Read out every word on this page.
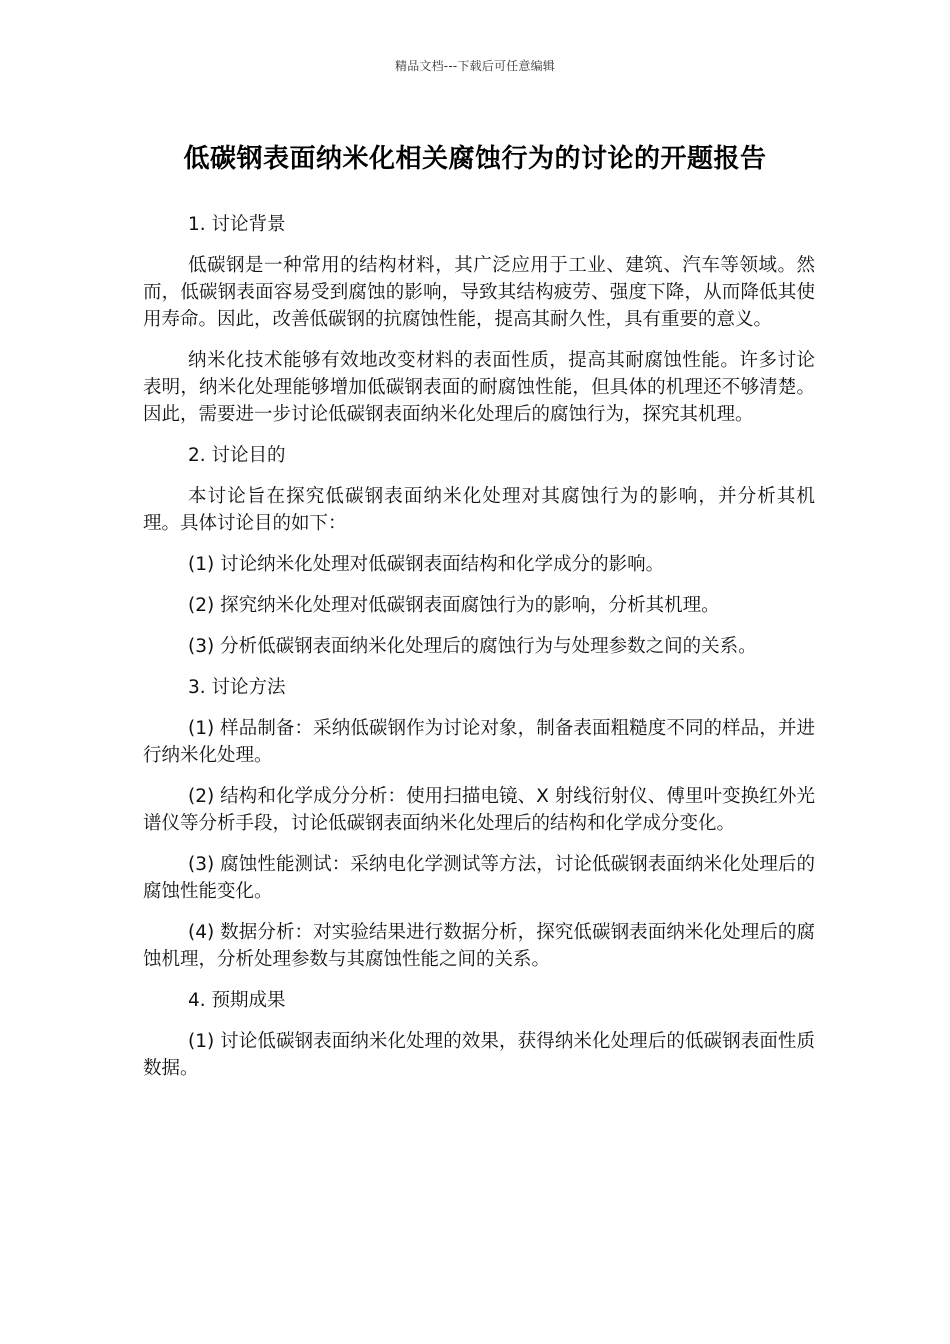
精品文档---下载后可任意编辑
低碳钢表面纳米化相关腐蚀行为的讨论的开题报告
1. 讨论背景

低碳钢是一种常用的结构材料，其广泛应用于工业、建筑、汽车等领域。然而，低碳钢表面容易受到腐蚀的影响，导致其结构疲劳、强度下降，从而降低其使用寿命。因此，改善低碳钢的抗腐蚀性能，提高其耐久性，具有重要的意义。

纳米化技术能够有效地改变材料的表面性质，提高其耐腐蚀性能。许多讨论表明，纳米化处理能够增加低碳钢表面的耐腐蚀性能，但具体的机理还不够清楚。因此，需要进一步讨论低碳钢表面纳米化处理后的腐蚀行为，探究其机理。

2. 讨论目的

本讨论旨在探究低碳钢表面纳米化处理对其腐蚀行为的影响，并分析其机理。具体讨论目的如下：

(1) 讨论纳米化处理对低碳钢表面结构和化学成分的影响。

(2) 探究纳米化处理对低碳钢表面腐蚀行为的影响，分析其机理。

(3) 分析低碳钢表面纳米化处理后的腐蚀行为与处理参数之间的关系。

3. 讨论方法

(1) 样品制备：采纳低碳钢作为讨论对象，制备表面粗糙度不同的样品，并进行纳米化处理。

(2) 结构和化学成分分析：使用扫描电镜、X 射线衍射仪、傅里叶变换红外光谱仪等分析手段，讨论低碳钢表面纳米化处理后的结构和化学成分变化。

(3) 腐蚀性能测试：采纳电化学测试等方法，讨论低碳钢表面纳米化处理后的腐蚀性能变化。

(4) 数据分析：对实验结果进行数据分析，探究低碳钢表面纳米化处理后的腐蚀机理，分析处理参数与其腐蚀性能之间的关系。

4. 预期成果

(1) 讨论低碳钢表面纳米化处理的效果，获得纳米化处理后的低碳钢表面性质数据。
